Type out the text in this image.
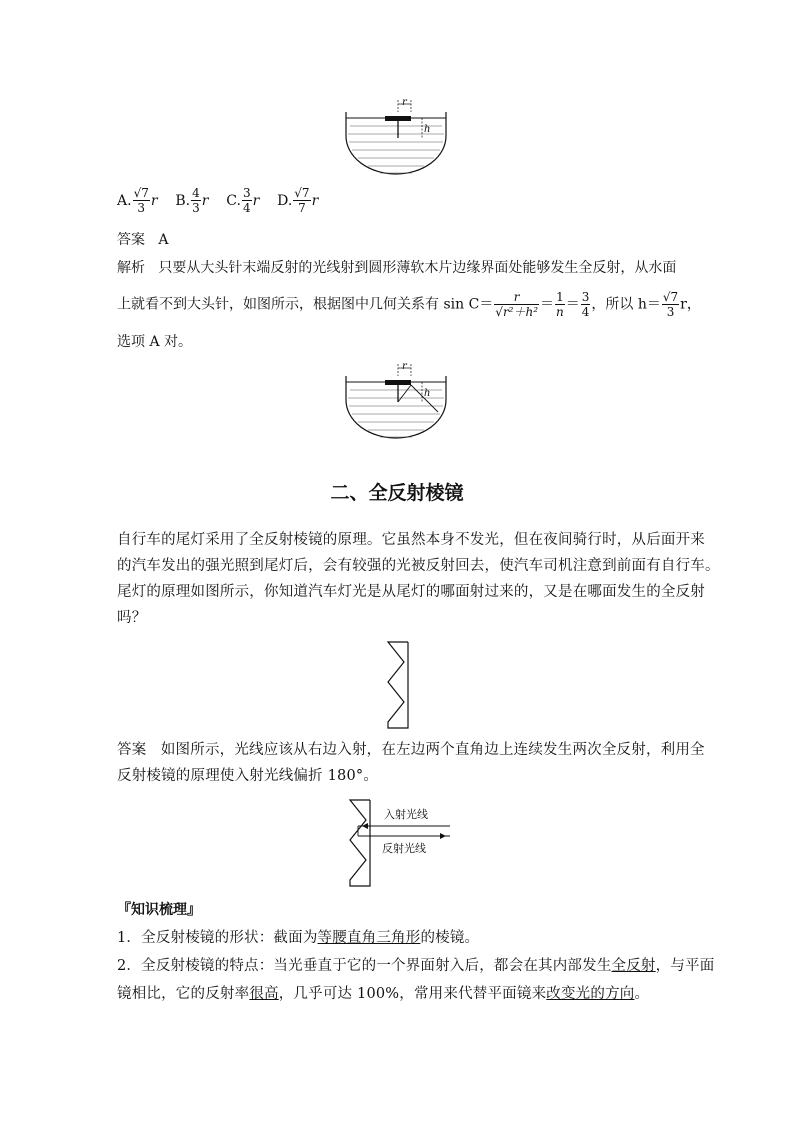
r
h
A. $\frac{√7}{3}$ r B. $\frac{4}{3}$ r C. $\frac{3}{4}$ r D. $\frac{√7}{7}$ r
答案 A
解析 只要从大头针末端反射的光线射到圆形薄软木片边缘界面处能够发生全反射，从水面
上就看不到大头针，如图所示，根据图中几何关系有 $\sin C= \frac{r}{\text{√r²＋h²}} = \frac{1}{n} = \frac{3}{4}$ ，所以 $h= \frac{√7}{3}$ r，
选项 A 对。
r
h
二、全反射棱镜
自行车的尾灯采用了全反射棱镜的原理。它虽然本身不发光，但在夜间骑行时，从后面开来
的汽车发出的强光照到尾灯后，会有较强的光被反射回去，使汽车司机注意到前面有自行车。
尾灯的原理如图所示，你知道汽车灯光是从尾灯的哪面射过来的，又是在哪面发生的全反射
吗？
答案 如图所示，光线应该从右边入射，在左边两个直角边上连续发生两次全反射，利用全
反射棱镜的原理使入射光线偏折 180°。
入射光线
反射光线
『知识梳理』
1．全反射棱镜的形状：截面为等腰直角三角形的棱镜。
2．全反射棱镜的特点：当光垂直于它的一个界面射入后，都会在其内部发生全反射，与平面
镜相比，它的反射率很高，几乎可达 100%，常用来代替平面镜来改变光的方向。
